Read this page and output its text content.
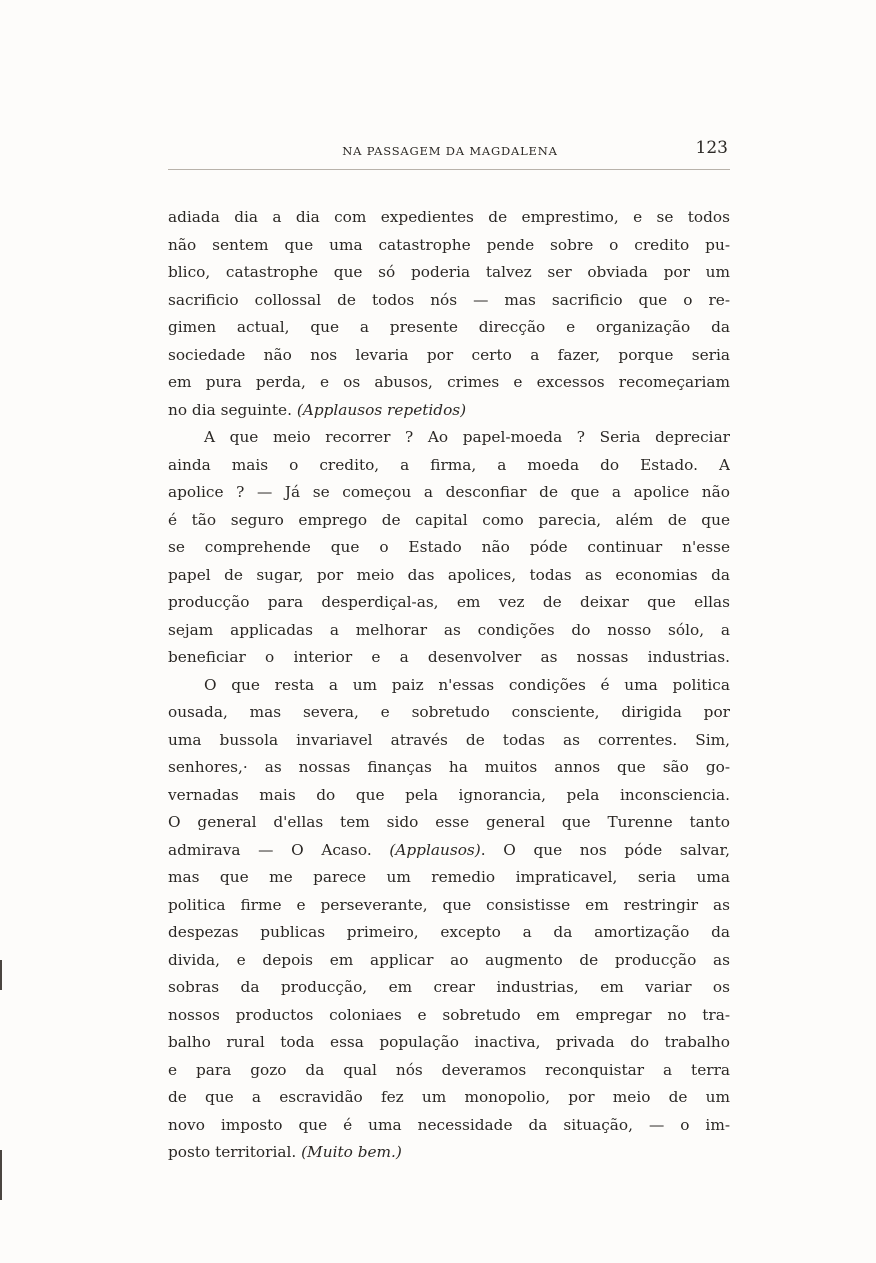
NA PASSAGEM DA MAGDALENA	123
adiada dia a dia com expedientes de emprestimo, e se todos
não sentem que uma catastrophe pende sobre o credito pu-
blico, catastrophe que só poderia talvez ser obviada por um
sacrificio collossal de todos nós — mas sacrificio que o re-
gimen actual, que a presente direcção e organização da
sociedade não nos levaria por certo a fazer, porque seria
em pura perda, e os abusos, crimes e excessos recomeçariam
no dia seguinte. (Applausos repetidos)
A que meio recorrer ? Ao papel-moeda ? Seria depreciar
ainda mais o credito, a firma, a moeda do Estado. A
apolice ? — Já se começou a desconfiar de que a apolice não
é tão seguro emprego de capital como parecia, além de que
se comprehende que o Estado não póde continuar n'esse
papel de sugar, por meio das apolices, todas as economias da
producção para desperdiçal-as, em vez de deixar que ellas
sejam applicadas a melhorar as condições do nosso sólo, a
beneficiar o interior e a desenvolver as nossas industrias.
O que resta a um paiz n'essas condições é uma politica
ousada, mas severa, e sobretudo consciente, dirigida por
uma bussola invariavel através de todas as correntes. Sim,
senhores,· as nossas finanças ha muitos annos que são go-
vernadas mais do que pela ignorancia, pela inconsciencia.
O general d'ellas tem sido esse general que Turenne tanto
admirava — O Acaso. (Applausos). O que nos póde salvar,
mas que me parece um remedio impraticavel, seria uma
politica firme e perseverante, que consistisse em restringir as
despezas publicas primeiro, excepto a da amortização da
divida, e depois em applicar ao augmento de producção as
sobras da producção, em crear industrias, em variar os
nossos productos coloniaes e sobretudo em empregar no tra-
balho rural toda essa população inactiva, privada do trabalho
e para gozo da qual nós deveramos reconquistar a terra
de que a escravidão fez um monopolio, por meio de um
novo imposto que é uma necessidade da situação, — o im-
posto territorial. (Muito bem.)
